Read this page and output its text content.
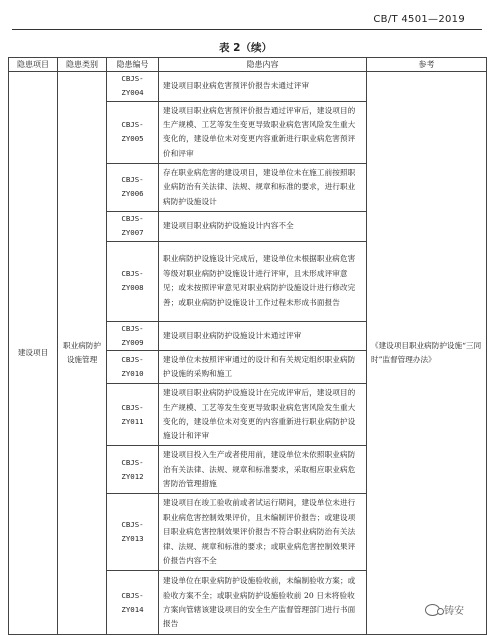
CB/T 4501—2019
表 2（续）
隐患项目	隐患类别	隐患编号	隐患内容	参考
建设项目	职业病防护设施管理	CBJS-ZY004	建设项目职业病危害预评价报告未通过评审	《建设项目职业病防护设施“三同时”监督管理办法》
		CBJS-ZY005	建设项目职业病危害预评价报告通过评审后，建设项目的生产规模、工艺等发生变更导致职业病危害风险发生重大变化的，建设单位未对变更内容重新进行职业病危害预评价和评审	
		CBJS-ZY006	存在职业病危害的建设项目，建设单位未在施工前按照职业病防治有关法律、法规、规章和标准的要求，进行职业病防护设施设计	
		CBJS-ZY007	建设项目职业病防护设施设计内容不全	
		CBJS-ZY008	职业病防护设施设计完成后，建设单位未根据职业病危害等级对职业病防护设施设计进行评审，且未形成评审意见；或未按照评审意见对职业病防护设施设计进行修改完善；或职业病防护设施设计工作过程未形成书面报告	
		CBJS-ZY009	建设项目职业病防护设施设计未通过评审	
		CBJS-ZY010	建设单位未按照评审通过的设计和有关规定组织职业病防护设施的采购和施工	
		CBJS-ZY011	建设项目职业病防护设施设计在完成评审后，建设项目的生产规模、工艺等发生变更导致职业病危害风险发生重大变化的，建设单位未对变更的内容重新进行职业病防护设施设计和评审	
		CBJS-ZY012	建设项目投入生产或者使用前，建设单位未依照职业病防治有关法律、法规、规章和标准要求，采取相应职业病危害防治管理措施	
		CBJS-ZY013	建设项目在竣工验收前或者试运行期间，建设单位未进行职业病危害控制效果评价，且未编制评价报告；或建设项目职业病危害控制效果评价报告不符合职业病防治有关法律、法规、规章和标准的要求；或职业病危害控制效果评价报告内容不全	
		CBJS-ZY014	建设单位在职业病防护设施验收前，未编制验收方案；或验收方案不全；或职业病防护设施验收前 20 日未将验收方案向管辖该建设项目的安全生产监督管理部门进行书面报告	
铸安
